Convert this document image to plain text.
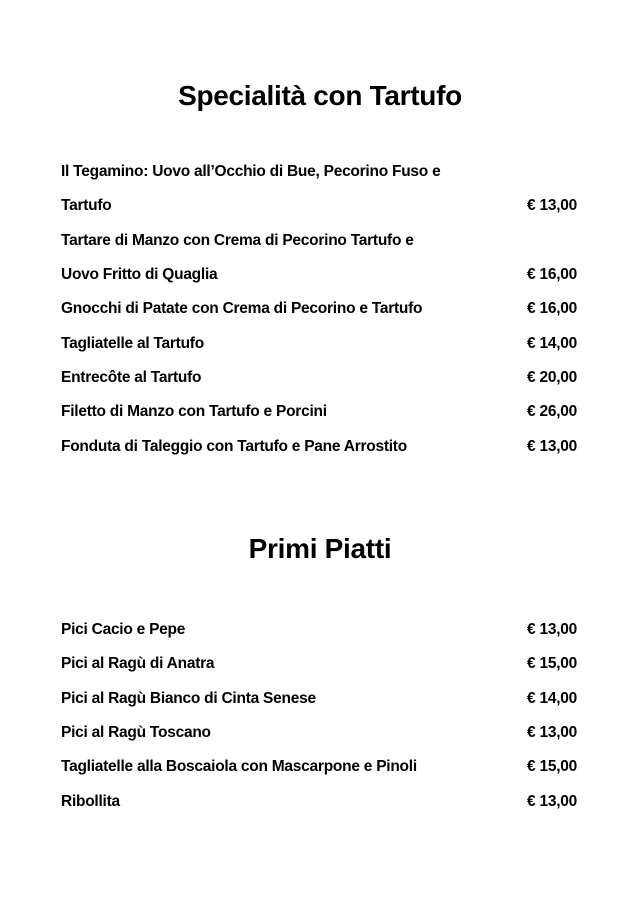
Specialità con Tartufo
Il Tegamino: Uovo all’Occhio di Bue, Pecorino Fuso e
Tartufo	€ 13,00
Tartare di Manzo con Crema di Pecorino Tartufo e
Uovo Fritto di Quaglia	€ 16,00
Gnocchi di Patate con Crema di Pecorino e Tartufo	€ 16,00
Tagliatelle al Tartufo	€ 14,00
Entrecôte al Tartufo	€ 20,00
Filetto di Manzo con Tartufo e Porcini	€ 26,00
Fonduta di Taleggio con Tartufo e Pane Arrostito	€ 13,00
Primi Piatti
Pici Cacio e Pepe	€ 13,00
Pici al Ragù di Anatra	€ 15,00
Pici al Ragù Bianco di Cinta Senese	€ 14,00
Pici al Ragù Toscano	€ 13,00
Tagliatelle alla Boscaiola con Mascarpone e Pinoli	€ 15,00
Ribollita	€ 13,00
